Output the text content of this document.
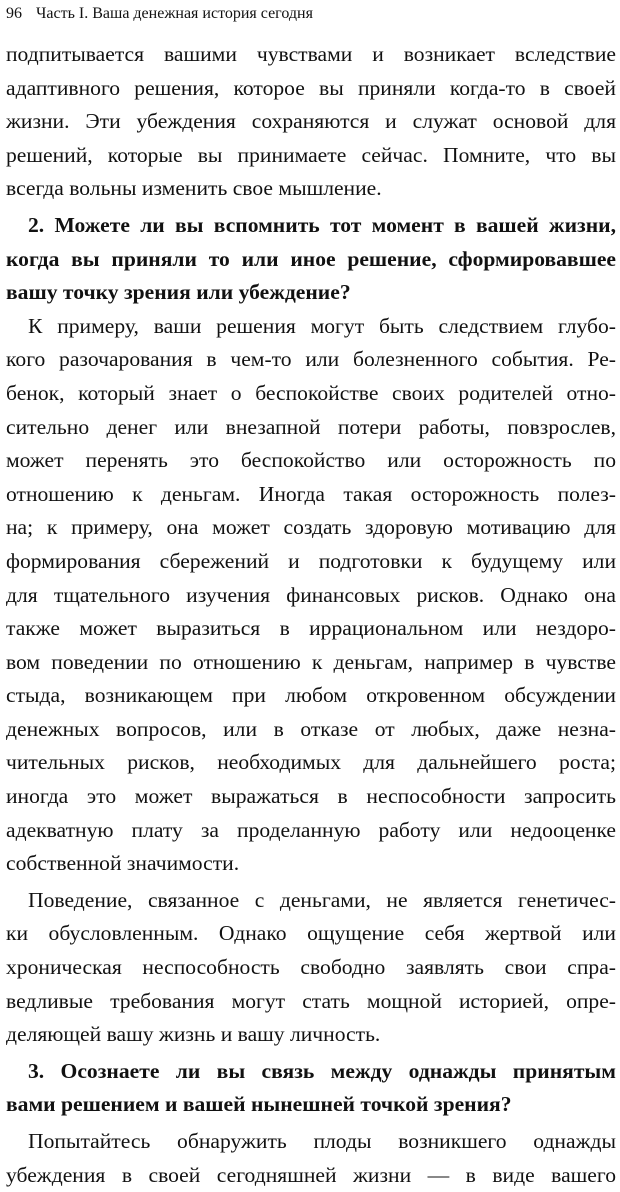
96 Часть I. Ваша денежная история сегодня
подпитывается вашими чувствами и возникает вследствие
адаптивного решения, которое вы приняли когда-то в своей
жизни. Эти убеждения сохраняются и служат основой для
решений, которые вы принимаете сейчас. Помните, что вы
всегда вольны изменить свое мышление.
2. Можете ли вы вспомнить тот момент в вашей жизни,
когда вы приняли то или иное решение, сформировавшее
вашу точку зрения или убеждение?
К примеру, ваши решения могут быть следствием глубо-
кого разочарования в чем-то или болезненного события. Ре-
бенок, который знает о беспокойстве своих родителей отно-
сительно денег или внезапной потери работы, повзрослев,
может перенять это беспокойство или осторожность по
отношению к деньгам. Иногда такая осторожность полез-
на; к примеру, она может создать здоровую мотивацию для
формирования сбережений и подготовки к будущему или
для тщательного изучения финансовых рисков. Однако она
также может выразиться в иррациональном или нездоро-
вом поведении по отношению к деньгам, например в чувстве
стыда, возникающем при любом откровенном обсуждении
денежных вопросов, или в отказе от любых, даже незна-
чительных рисков, необходимых для дальнейшего роста;
иногда это может выражаться в неспособности запросить
адекватную плату за проделанную работу или недооценке
собственной значимости.
Поведение, связанное с деньгами, не является генетичес-
ки обусловленным. Однако ощущение себя жертвой или
хроническая неспособность свободно заявлять свои спра-
ведливые требования могут стать мощной историей, опре-
деляющей вашу жизнь и вашу личность.
3. Осознаете ли вы связь между однажды принятым
вами решением и вашей нынешней точкой зрения?
Попытайтесь обнаружить плоды возникшего однажды
убеждения в своей сегодняшней жизни — в виде вашего
